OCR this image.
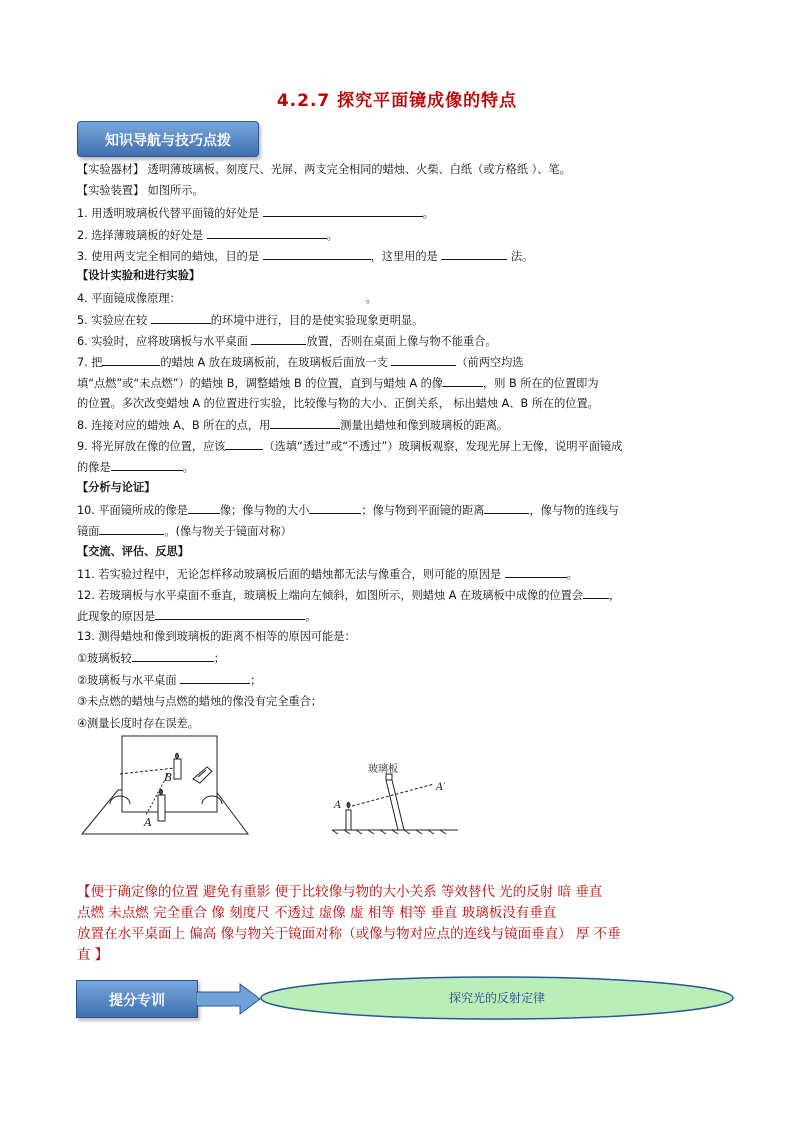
4.2.7 探究平面镜成像的特点
知识导航与技巧点拨
【实验器材】 透明薄玻璃板、刻度尺、光屏、两支完全相同的蜡烛、火柴、白纸（或方格纸 ）、笔。
【实验装置】 如图所示。
1. 用透明玻璃板代替平面镜的好处是	。
2. 选择薄玻璃板的好处是	。
3. 使用两支完全相同的蜡烛，目的是	，这里用的是	法。
【设计实验和进行实验】
4. 平面镜成像原理：	。
5. 实验应在较	的环境中进行，目的是使实验现象更明显。
6. 实验时，应将玻璃板与水平桌面	放置，否则在桌面上像与物不能重合。
7. 把	的蜡烛 A 放在玻璃板前，在玻璃板后面放一支	（前两空均选
填“点燃”或“未点燃”）的蜡烛 B，调整蜡烛 B 的位置，直到与蜡烛 A 的像	，则 B 所在的位置即为
的位置。多次改变蜡烛 A 的位置进行实验，比较像与物的大小、正倒关系， 标出蜡烛 A、B 所在的位置。
8. 连接对应的蜡烛 A、B 所在的点，用	测量出蜡烛和像到玻璃板的距离。
9. 将光屏放在像的位置，应该	（选填“透过”或“不透过”）玻璃板观察，发现光屏上无像，说明平面镜成
的像是	。
【分析与论证】
10. 平面镜所成的像是	像；像与物的大小	；像与物到平面镜的距离	，像与物的连线与
镜面	。(像与物关于镜面对称）
【交流、评估、反思】
11. 若实验过程中，无论怎样移动玻璃板后面的蜡烛都无法与像重合，则可能的原因是	。
12. 若玻璃板与水平桌面不垂直，玻璃板上端向左倾斜，如图所示，则蜡烛 A 在玻璃板中成像的位置会 ，
此现象的原因是	。
13. 测得蜡烛和像到玻璃板的距离不相等的原因可能是：
①玻璃板较	；
②玻璃板与水平桌面	；
③未点燃的蜡烛与点燃的蜡烛的像没有完全重合；
④测量长度时存在误差。
B
A
玻璃板
A
A′
【便于确定像的位置 避免有重影 便于比较像与物的大小关系 等效替代 光的反射 暗 垂直
点燃 未点燃 完全重合 像 刻度尺 不透过 虚像 虚 相等 相等 垂直 玻璃板没有垂直
放置在水平桌面上 偏高 像与物关于镜面对称（或像与物对应点的连线与镜面垂直） 厚 不垂
直 】
提分专训	探究光的反射定律
